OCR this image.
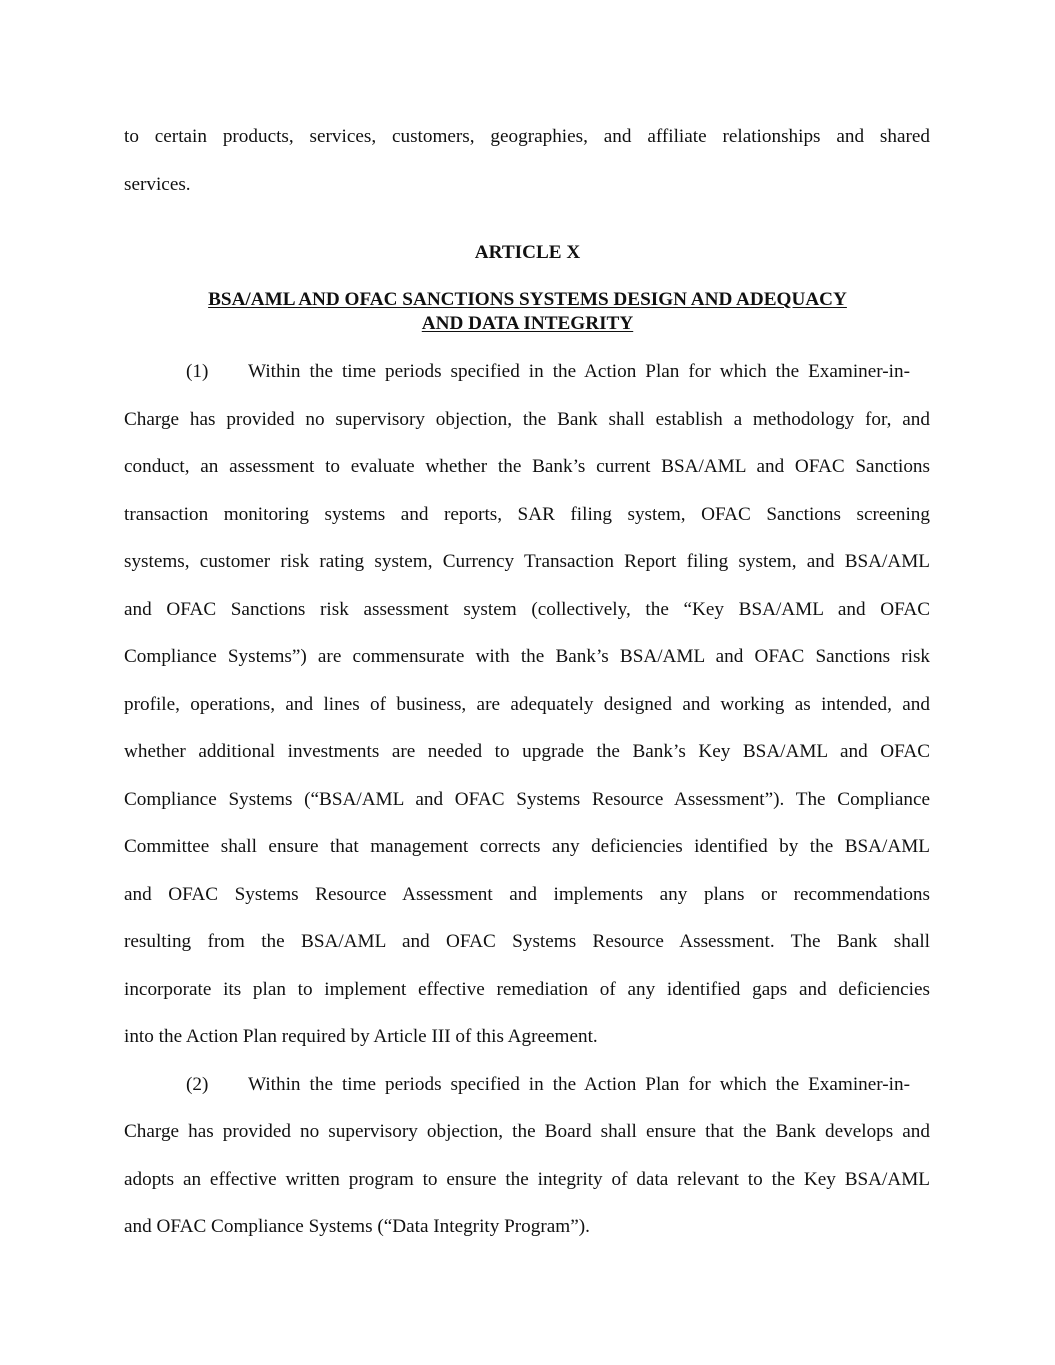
to certain products, services, customers, geographies, and affiliate relationships and shared
services.
ARTICLE X
BSA/AML AND OFAC SANCTIONS SYSTEMS DESIGN AND ADEQUACY
AND DATA INTEGRITY
(1) Within the time periods specified in the Action Plan for which the Examiner-in-
Charge has provided no supervisory objection, the Bank shall establish a methodology for, and
conduct, an assessment to evaluate whether the Bank’s current BSA/AML and OFAC Sanctions
transaction monitoring systems and reports, SAR filing system, OFAC Sanctions screening
systems, customer risk rating system, Currency Transaction Report filing system, and BSA/AML
and OFAC Sanctions risk assessment system (collectively, the “Key BSA/AML and OFAC
Compliance Systems”) are commensurate with the Bank’s BSA/AML and OFAC Sanctions risk
profile, operations, and lines of business, are adequately designed and working as intended, and
whether additional investments are needed to upgrade the Bank’s Key BSA/AML and OFAC
Compliance Systems (“BSA/AML and OFAC Systems Resource Assessment”). The Compliance
Committee shall ensure that management corrects any deficiencies identified by the BSA/AML
and OFAC Systems Resource Assessment and implements any plans or recommendations
resulting from the BSA/AML and OFAC Systems Resource Assessment. The Bank shall
incorporate its plan to implement effective remediation of any identified gaps and deficiencies
into the Action Plan required by Article III of this Agreement.
(2) Within the time periods specified in the Action Plan for which the Examiner-in-
Charge has provided no supervisory objection, the Board shall ensure that the Bank develops and
adopts an effective written program to ensure the integrity of data relevant to the Key BSA/AML
and OFAC Compliance Systems (“Data Integrity Program”).
